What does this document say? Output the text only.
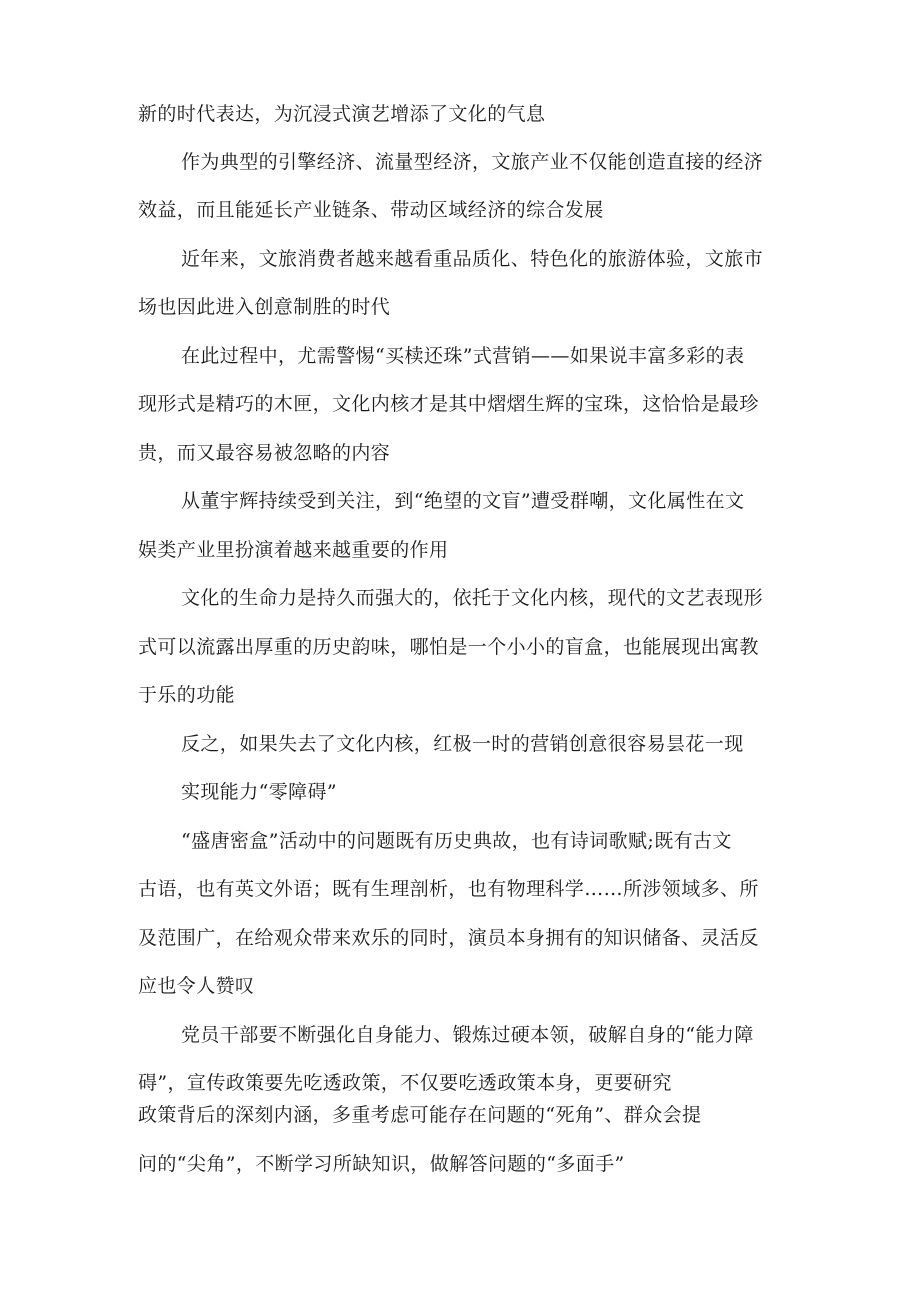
新的时代表达，为沉浸式演艺增添了文化的气息
作为典型的引擎经济、流量型经济，文旅产业不仅能创造直接的经济
效益，而且能延长产业链条、带动区域经济的综合发展
近年来，文旅消费者越来越看重品质化、特色化的旅游体验，文旅市
场也因此进入创意制胜的时代
在此过程中，尤需警惕“买椟还珠”式营销——如果说丰富多彩的表
现形式是精巧的木匣，文化内核才是其中熠熠生辉的宝珠，这恰恰是最珍
贵，而又最容易被忽略的内容
从董宇辉持续受到关注，到“绝望的文盲”遭受群嘲，文化属性在文
娱类产业里扮演着越来越重要的作用
文化的生命力是持久而强大的，依托于文化内核，现代的文艺表现形
式可以流露出厚重的历史韵味，哪怕是一个小小的盲盒，也能展现出寓教
于乐的功能
反之，如果失去了文化内核，红极一时的营销创意很容易昙花一现
实现能力“零障碍”
“盛唐密盒”活动中的问题既有历史典故，也有诗词歌赋;既有古文
古语，也有英文外语；既有生理剖析，也有物理科学……所涉领域多、所
及范围广，在给观众带来欢乐的同时，演员本身拥有的知识储备、灵活反
应也令人赞叹
党员干部要不断强化自身能力、锻炼过硬本领，破解自身的“能力障
碍”，宣传政策要先吃透政策，不仅要吃透政策本身，更要研究
政策背后的深刻内涵，多重考虑可能存在问题的“死角”、群众会提
问的“尖角”，不断学习所缺知识，做解答问题的“多面手”
